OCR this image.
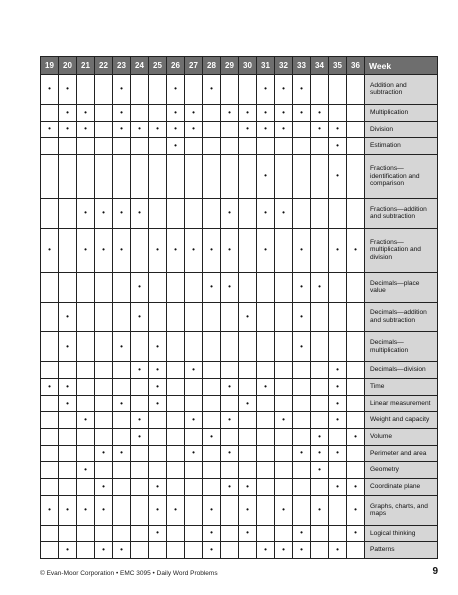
19	20	21	22	23	24	25	26	27	28	29	30	31	32	33	34	35	36	Week
•	•			•			•		•			•	•	•				Addition and subtraction
	•	•		•			•	•		•	•	•	•	•	•			Multiplication
•	•	•		•	•	•	•	•			•	•	•		•	•		Division
							•									•		Estimation
												•				•		Fractions—identification and comparison
		•	•	•	•					•		•	•					Fractions—addition and subtraction
•		•	•	•		•	•	•	•	•		•		•		•	•	Fractions—multiplication and division
					•				•	•				•	•			Decimals—place value
	•				•						•			•				Decimals—addition and subtraction
	•			•		•								•				Decimals—multiplication
					•	•		•								•		Decimals—division
•	•					•				•		•				•		Time
	•			•		•					•					•		Linear measurement
		•			•			•		•			•			•		Weight and capacity
					•				•						•		•	Volume
			•	•				•		•				•	•	•		Perimeter and area
		•													•			Geometry
			•			•				•	•					•	•	Coordinate plane
•	•	•	•			•	•		•		•		•		•		•	Graphs, charts, and maps
						•			•		•			•			•	Logical thinking
	•		•	•					•			•	•	•		•		Patterns
© Evan-Moor Corporation • EMC 3095 • Daily Word Problems	9
